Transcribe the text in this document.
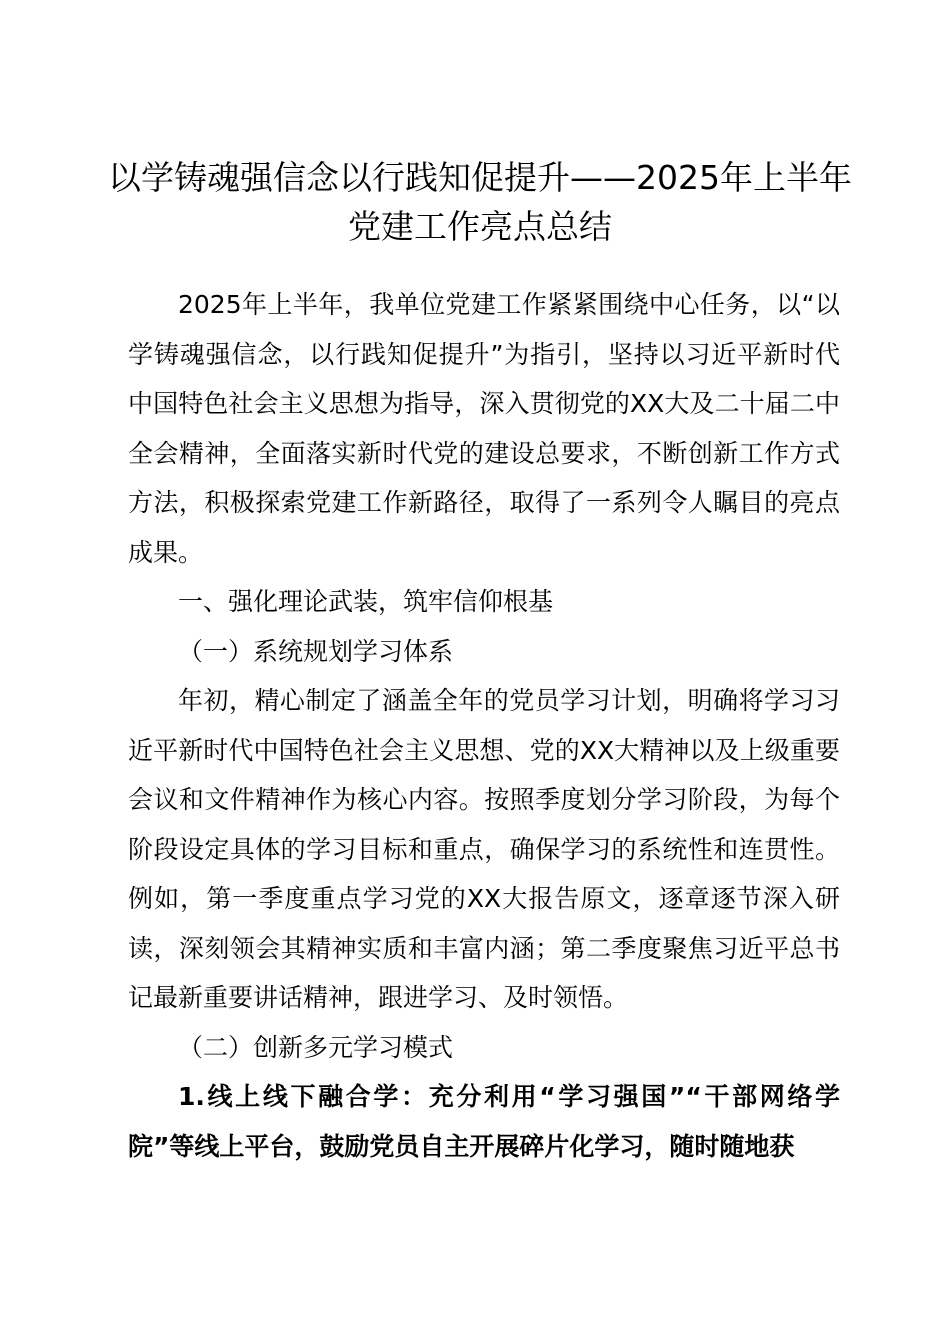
以学铸魂强信念以行践知促提升——2025年上半年党建工作亮点总结

2025年上半年，我单位党建工作紧紧围绕中心任务，以“以学铸魂强信念，以行践知促提升”为指引，坚持以习近平新时代中国特色社会主义思想为指导，深入贯彻党的XX大及二十届二中全会精神，全面落实新时代党的建设总要求，不断创新工作方式方法，积极探索党建工作新路径，取得了一系列令人瞩目的亮点成果。

一、强化理论武装，筑牢信仰根基

（一）系统规划学习体系

年初，精心制定了涵盖全年的党员学习计划，明确将学习习近平新时代中国特色社会主义思想、党的XX大精神以及上级重要会议和文件精神作为核心内容。按照季度划分学习阶段，为每个阶段设定具体的学习目标和重点，确保学习的系统性和连贯性。例如，第一季度重点学习党的XX大报告原文，逐章逐节深入研读，深刻领会其精神实质和丰富内涵；第二季度聚焦习近平总书记最新重要讲话精神，跟进学习、及时领悟。

（二）创新多元学习模式

1.线上线下融合学：充分利用“学习强国”“干部网络学院”等线上平台，鼓励党员自主开展碎片化学习，随时随地获
